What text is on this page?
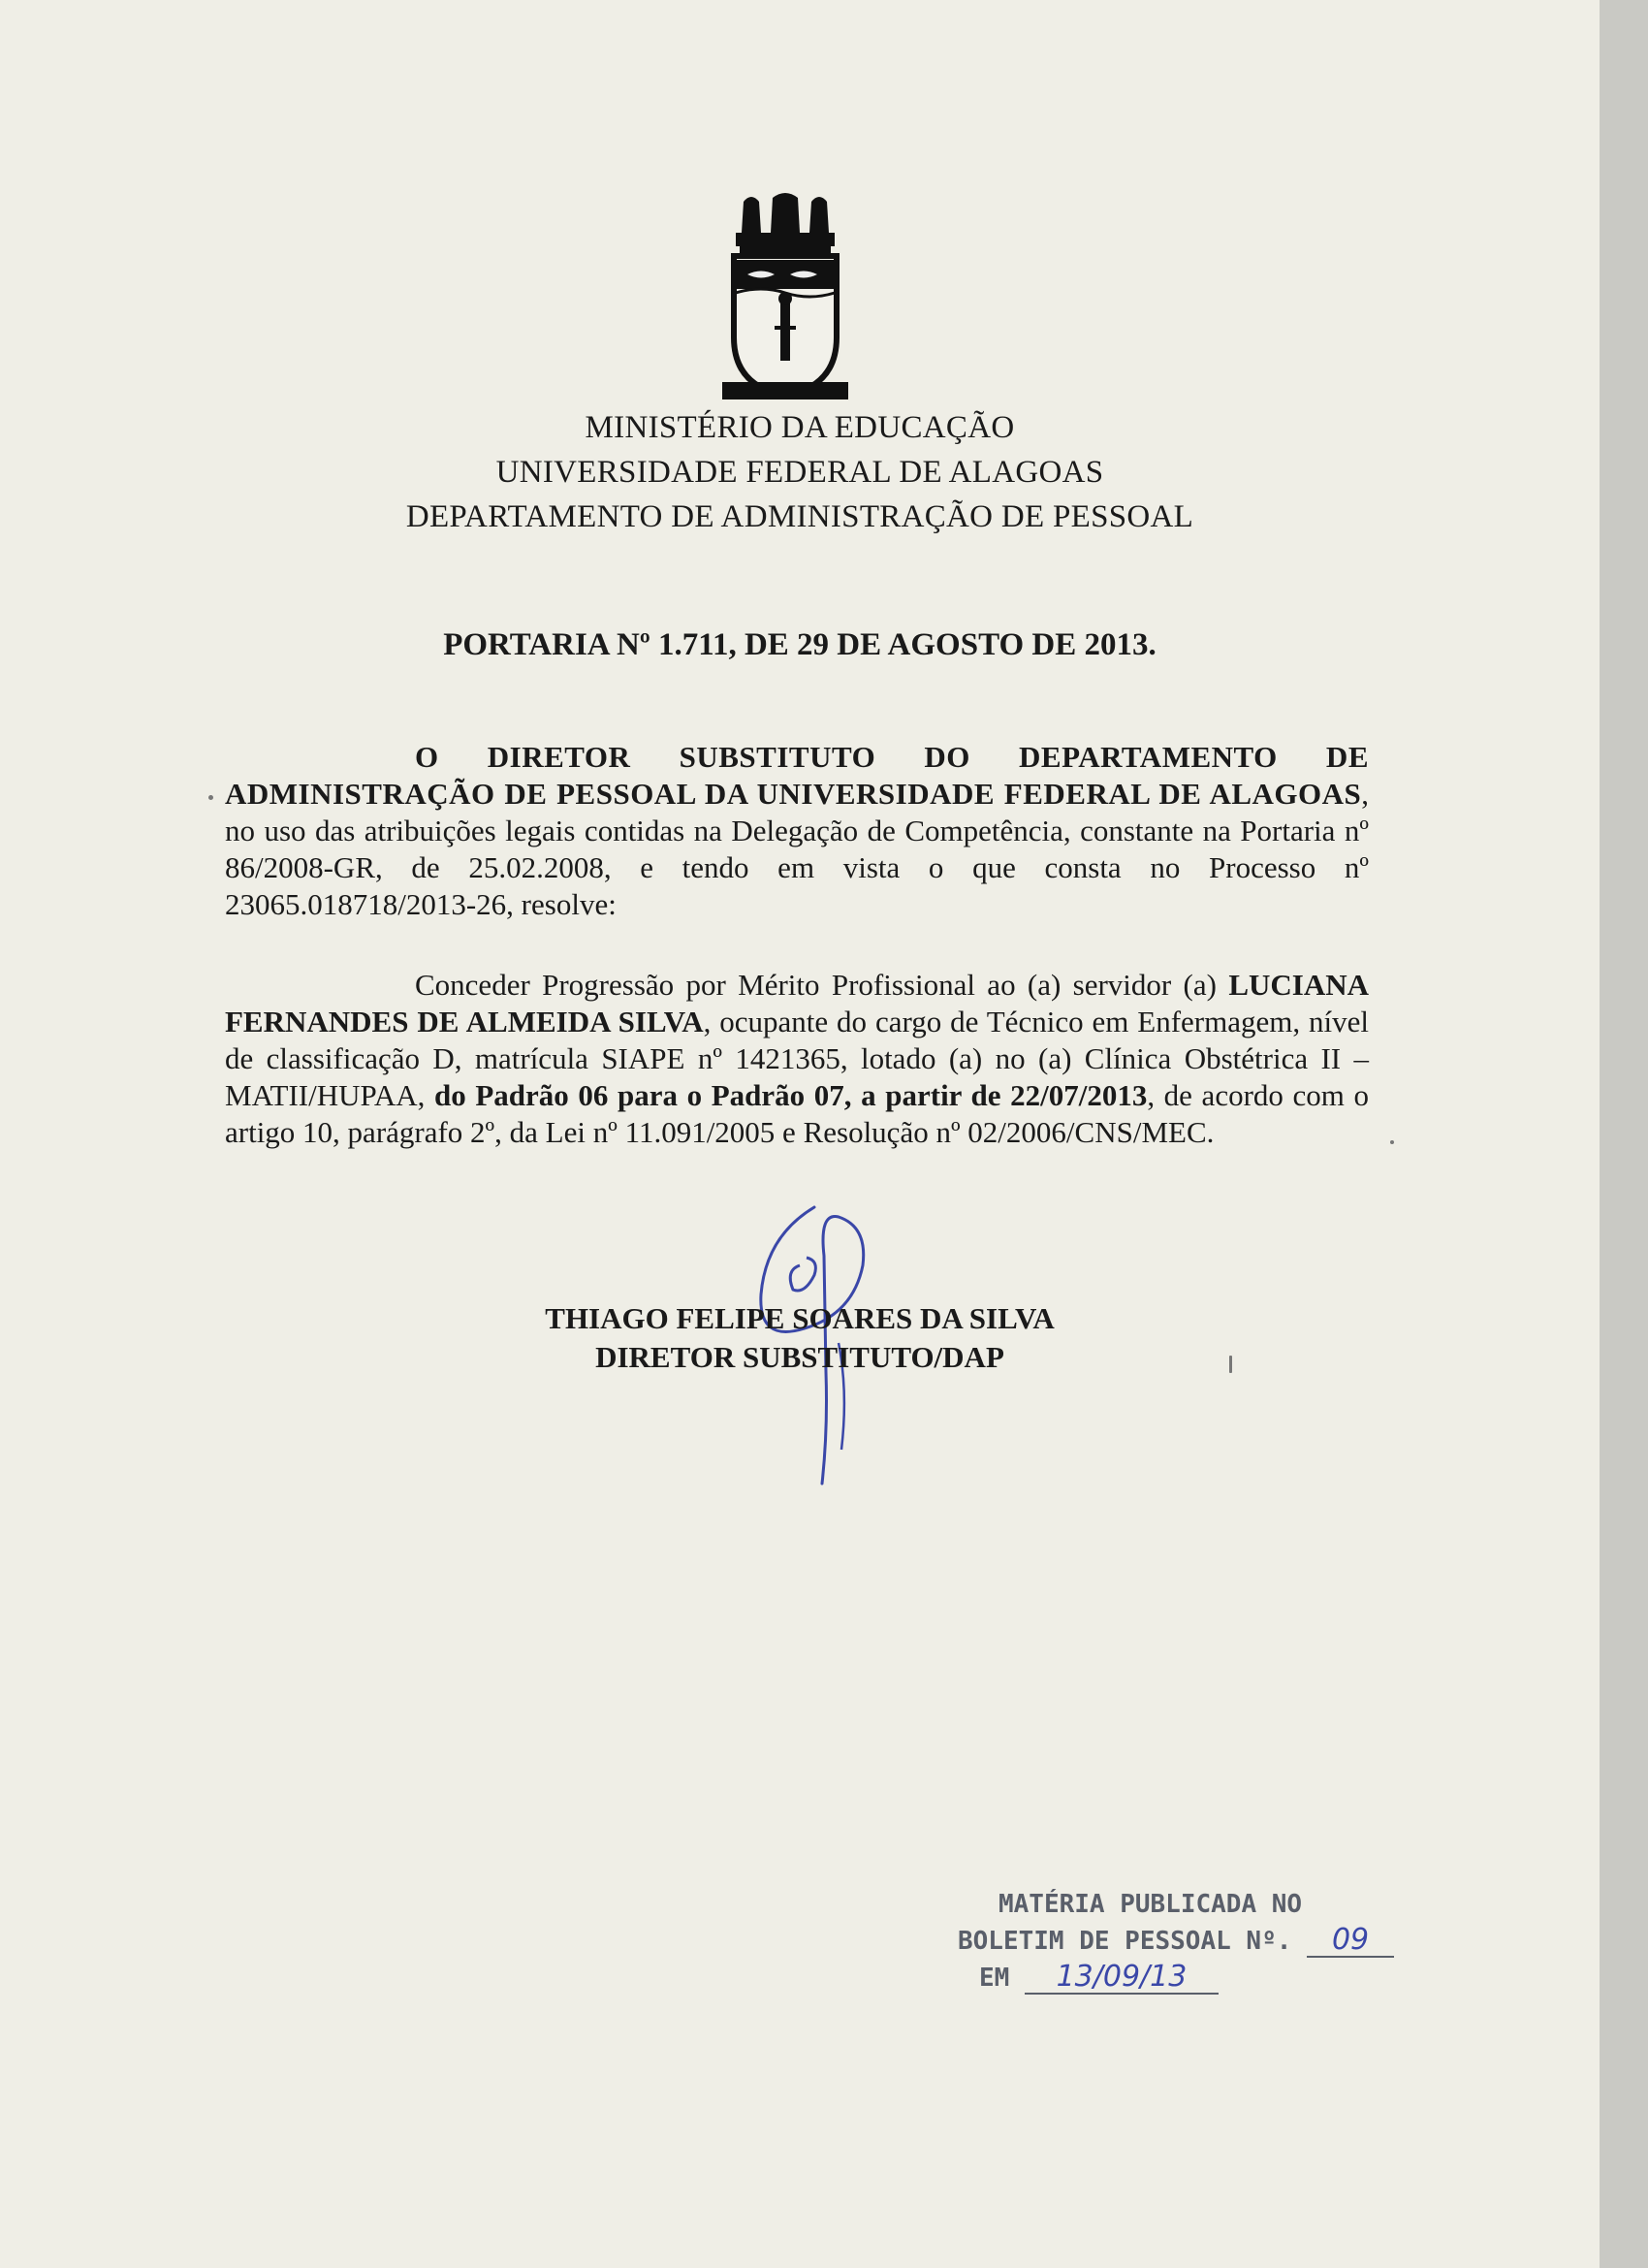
MINISTÉRIO DA EDUCAÇÃO
UNIVERSIDADE FEDERAL DE ALAGOAS
DEPARTAMENTO DE ADMINISTRAÇÃO DE PESSOAL
PORTARIA Nº 1.711, DE 29 DE AGOSTO DE 2013.
O DIRETOR SUBSTITUTO DO DEPARTAMENTO DE ADMINISTRAÇÃO DE PESSOAL DA UNIVERSIDADE FEDERAL DE ALAGOAS, no uso das atribuições legais contidas na Delegação de Competência, constante na Portaria nº 86/2008-GR, de 25.02.2008, e tendo em vista o que consta no Processo nº 23065.018718/2013-26, resolve:
Conceder Progressão por Mérito Profissional ao (a) servidor (a) LUCIANA FERNANDES DE ALMEIDA SILVA, ocupante do cargo de Técnico em Enfermagem, nível de classificação D, matrícula SIAPE nº 1421365, lotado (a) no (a) Clínica Obstétrica II – MATII/HUPAA, do Padrão 06 para o Padrão 07, a partir de 22/07/2013, de acordo com o artigo 10, parágrafo 2º, da Lei nº 11.091/2005 e Resolução nº 02/2006/CNS/MEC.
THIAGO FELIPE SOARES DA SILVA
DIRETOR SUBSTITUTO/DAP
MATÉRIA PUBLICADA NO
BOLETIM DE PESSOAL Nº. 09
EM 13/09/13
